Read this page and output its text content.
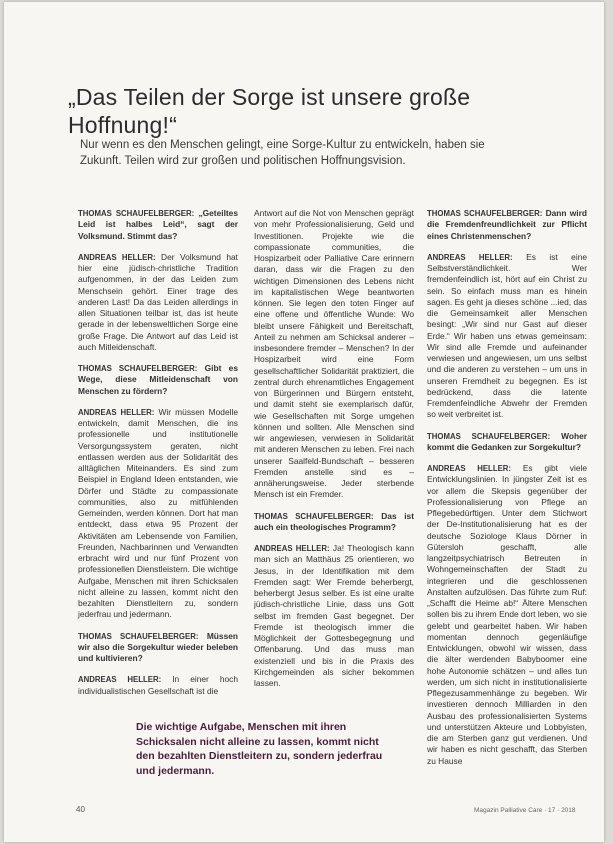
„Das Teilen der Sorge ist unsere große Hoffnung!“
Nur wenn es den Menschen gelingt, eine Sorge-Kultur zu entwickeln, haben sie Zukunft. Teilen wird zur großen und politischen Hoffnungsvision.

THOMAS SCHAUFELBERGER: „Geteiltes Leid ist halbes Leid“, sagt der Volksmund. Stimmt das?

ANDREAS HELLER: Der Volksmund hat hier eine jüdisch-christliche Tradition aufgenommen, in der das Leiden zum Menschsein gehört. Einer trage des anderen Last! Da das Leiden allerdings in allen Situationen teilbar ist, das ist heute gerade in der lebensweltlichen Sorge eine große Frage. Die Antwort auf das Leid ist auch Mitleidenschaft.

THOMAS SCHAUFELBERGER: Gibt es Wege, diese Mitleidenschaft von Menschen zu fördern?

ANDREAS HELLER: Wir müssen Modelle entwickeln, damit Menschen, die ins professionelle und institutionelle Versorgungssystem geraten, nicht entlassen werden aus der Solidarität des alltäglichen Miteinanders. Es sind zum Beispiel in England Ideen entstanden, wie Dörfer und Städte zu compassionate communities, also zu mitfühlenden Gemeinden, werden können. Dort hat man entdeckt, dass etwa 95 Prozent der Aktivitäten am Lebensende von Familien, Freunden, Nachbarinnen und Verwandten erbracht wird und nur fünf Prozent von professionellen Dienstleistern. Die wichtige Aufgabe, Menschen mit ihren Schicksalen nicht alleine zu lassen, kommt nicht den bezahlten Dienstleitern zu, sondern jederfrau und jedermann.

THOMAS SCHAUFELBERGER: Müssen wir also die Sorgekultur wieder beleben und kultivieren?

ANDREAS HELLER: In einer hoch individualistischen Gesellschaft ist die

Antwort auf die Not von Menschen geprägt von mehr Professionalisierung, Geld und Investitionen. Projekte wie die compassionate communities, die Hospizarbeit oder Palliative Care erinnern daran, dass wir die Fragen zu den wichtigen Dimensionen des Lebens nicht im kapitalistischen Wege beantworten können. Sie legen den toten Finger auf eine offene und öffentliche Wunde: Wo bleibt unsere Fähigkeit und Bereitschaft, Anteil zu nehmen am Schicksal anderer – insbesondere fremder – Menschen? In der Hospizarbeit wird eine Form gesellschaftlicher Solidarität praktiziert, die zentral durch ehrenamtliches Engagement von Bürgerinnen und Bürgern entsteht, und damit steht sie exemplarisch dafür, wie Gesellschaften mit Sorge umgehen können und sollten. Alle Menschen sind wir angewiesen, verwiesen in Solidarität mit anderen Menschen zu leben. Frei nach unserer Saalfeld-Bundschaft – besseren Fremden anstelle sind es – annäherungsweise. Jeder sterbende Mensch ist ein Fremder.

THOMAS SCHAUFELBERGER: Das ist auch ein theologisches Programm?

ANDREAS HELLER: Ja! Theologisch kann man sich an Matthäus 25 orientieren, wo Jesus, in der Identifikation mit dem Fremden sagt: Wer Fremde beherbergt, beherbergt Jesus selber. Es ist eine uralte jüdisch-christliche Linie, dass uns Gott selbst im fremden Gast begegnet. Der Fremde ist theologisch immer die Möglichkeit der Gottesbegegnung und Offenbarung. Und das muss man existenziell und bis in die Praxis des Kirchgemeinden als sicher bekommen lassen.

THOMAS SCHAUFELBERGER: Dann wird die Fremdenfreundlichkeit zur Pflicht eines Christenmenschen?

ANDREAS HELLER: Es ist eine Selbstverständlichkeit. Wer fremdenfeindlich ist, hört auf ein Christ zu sein. So einfach muss man es hinein sagen. Es geht ja dieses schöne ...ied, das die Gemeinsamkeit aller Menschen besingt: „Wir sind nur Gast auf dieser Erde.“ Wir haben uns etwas gemeinsam: Wir sind alle Fremde und aufeinander verwiesen und angewiesen, um uns selbst und die anderen zu verstehen – um uns in unseren Fremdheit zu begegnen. Es ist bedrückend, dass die latente Fremdenfeindliche Abwehr der Fremden so weit verbreitet ist.

THOMAS SCHAUFELBERGER: Woher kommt die Gedanken zur Sorgekultur?

ANDREAS HELLER: Es gibt viele Entwicklungslinien. In jüngster Zeit ist es vor allem die Skepsis gegenüber der Professionalisierung von Pflege an Pflegebedürftigen. Unter dem Stichwort der De-Institutionalisierung hat es der deutsche Soziologe Klaus Dörner in Gütersloh geschafft, alle langzeitpsychiatrisch Betreuten in Wohngemeinschaften der Stadt zu integrieren und die geschlossenen Anstalten aufzulösen. Das führte zum Ruf: „Schafft die Heime ab!“ Ältere Menschen sollen bis zu ihrem Ende dort leben, wo sie gelebt und gearbeitet haben. Wir haben momentan dennoch gegenläufige Entwicklungen, obwohl wir wissen, dass die älter werdenden Babyboomer eine hohe Autonomie schätzen – und alles tun werden, um sich nicht in institutionalisierte Pflegezusammenhänge zu begeben. Wir investieren dennoch Milliarden in den Ausbau des professionalisierten Systems und unterstützen Akteure und Lobbyisten, die am Sterben ganz gut verdienen. Und wir haben es nicht geschafft, das Sterben zu Hause

Die wichtige Aufgabe, Menschen mit ihren Schicksalen nicht alleine zu lassen, kommt nicht den bezahlten Dienstleitern zu, sondern jederfrau und jedermann.
40	Magazin Palliative Care · 17 · 2018
